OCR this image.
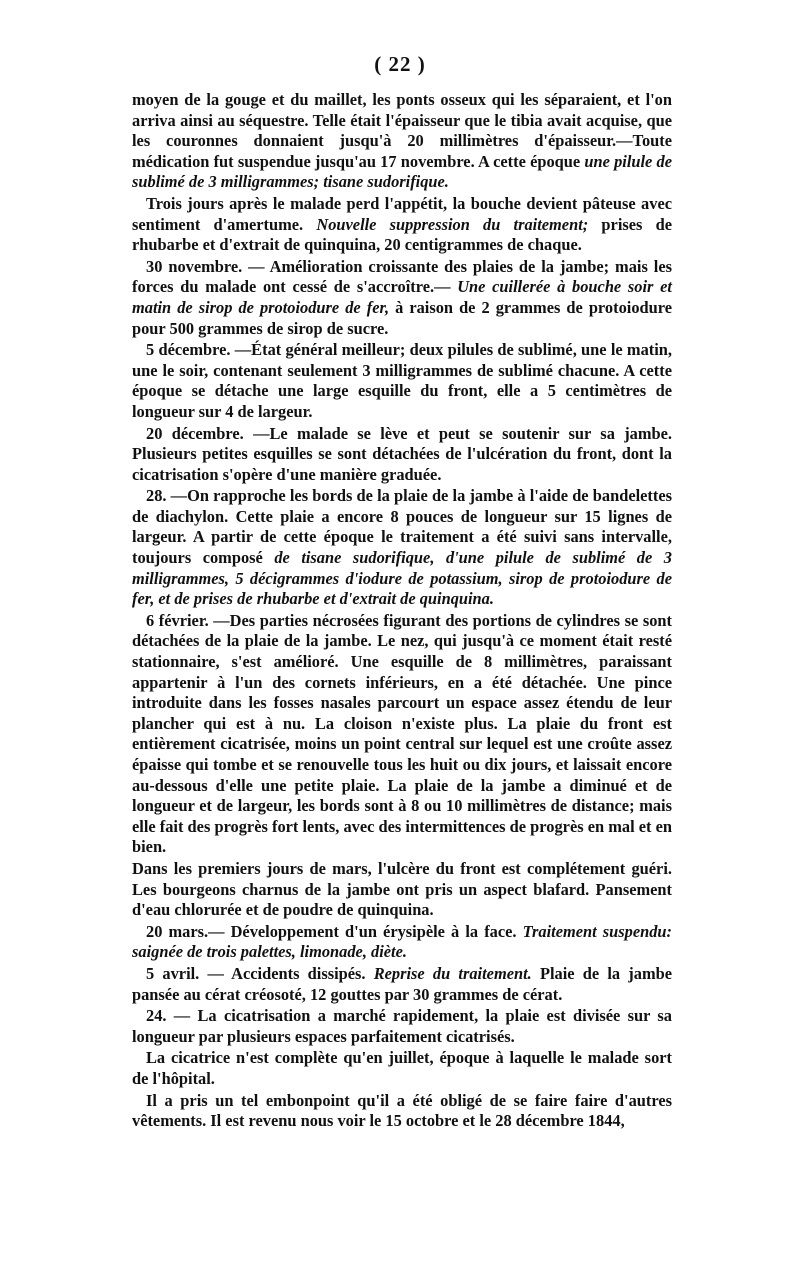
( 22 )

moyen de la gouge et du maillet, les ponts osseux qui les séparaient, et l'on arriva ainsi au séquestre. Telle était l'épaisseur que le tibia avait acquise, que les couronnes donnaient jusqu'à 20 millimètres d'épaisseur.—Toute médication fut suspendue jusqu'au 17 novembre. A cette époque une pilule de sublimé de 3 milligrammes; tisane sudorifique.

Trois jours après le malade perd l'appétit, la bouche devient pâteuse avec sentiment d'amertume. Nouvelle suppression du traitement; prises de rhubarbe et d'extrait de quinquina, 20 centigrammes de chaque.

30 novembre. — Amélioration croissante des plaies de la jambe; mais les forces du malade ont cessé de s'accroître.— Une cuillerée à bouche soir et matin de sirop de protoiodure de fer, à raison de 2 grammes de protoiodure pour 500 grammes de sirop de sucre.

5 décembre. —État général meilleur; deux pilules de sublimé, une le matin, une le soir, contenant seulement 3 milligrammes de sublimé chacune. A cette époque se détache une large esquille du front, elle a 5 centimètres de longueur sur 4 de largeur.

20 décembre. —Le malade se lève et peut se soutenir sur sa jambe. Plusieurs petites esquilles se sont détachées de l'ulcération du front, dont la cicatrisation s'opère d'une manière graduée.

28. —On rapproche les bords de la plaie de la jambe à l'aide de bandelettes de diachylon. Cette plaie a encore 8 pouces de longueur sur 15 lignes de largeur. A partir de cette époque le traitement a été suivi sans intervalle, toujours composé de tisane sudorifique, d'une pilule de sublimé de 3 milligrammes, 5 décigrammes d'iodure de potassium, sirop de protoiodure de fer, et de prises de rhubarbe et d'extrait de quinquina.

6 février. —Des parties nécrosées figurant des portions de cylindres se sont détachées de la plaie de la jambe. Le nez, qui jusqu'à ce moment était resté stationnaire, s'est amélioré. Une esquille de 8 millimètres, paraissant appartenir à l'un des cornets inférieurs, en a été détachée. Une pince introduite dans les fosses nasales parcourt un espace assez étendu de leur plancher qui est à nu. La cloison n'existe plus. La plaie du front est entièrement cicatrisée, moins un point central sur lequel est une croûte assez épaisse qui tombe et se renouvelle tous les huit ou dix jours, et laissait encore au-dessous d'elle une petite plaie. La plaie de la jambe a diminué et de longueur et de largeur, les bords sont à 8 ou 10 millimètres de distance; mais elle fait des progrès fort lents, avec des intermittences de progrès en mal et en bien.

Dans les premiers jours de mars, l'ulcère du front est complétement guéri. Les bourgeons charnus de la jambe ont pris un aspect blafard. Pansement d'eau chlorurée et de poudre de quinquina.

20 mars.— Développement d'un érysipèle à la face. Traitement suspendu: saignée de trois palettes, limonade, diète.

5 avril. — Accidents dissipés. Reprise du traitement. Plaie de la jambe pansée au cérat créosoté, 12 gouttes par 30 grammes de cérat.

24. — La cicatrisation a marché rapidement, la plaie est divisée sur sa longueur par plusieurs espaces parfaitement cicatrisés.

La cicatrice n'est complète qu'en juillet, époque à laquelle le malade sort de l'hôpital.

Il a pris un tel embonpoint qu'il a été obligé de se faire faire d'autres vêtements. Il est revenu nous voir le 15 octobre et le 28 décembre 1844,
